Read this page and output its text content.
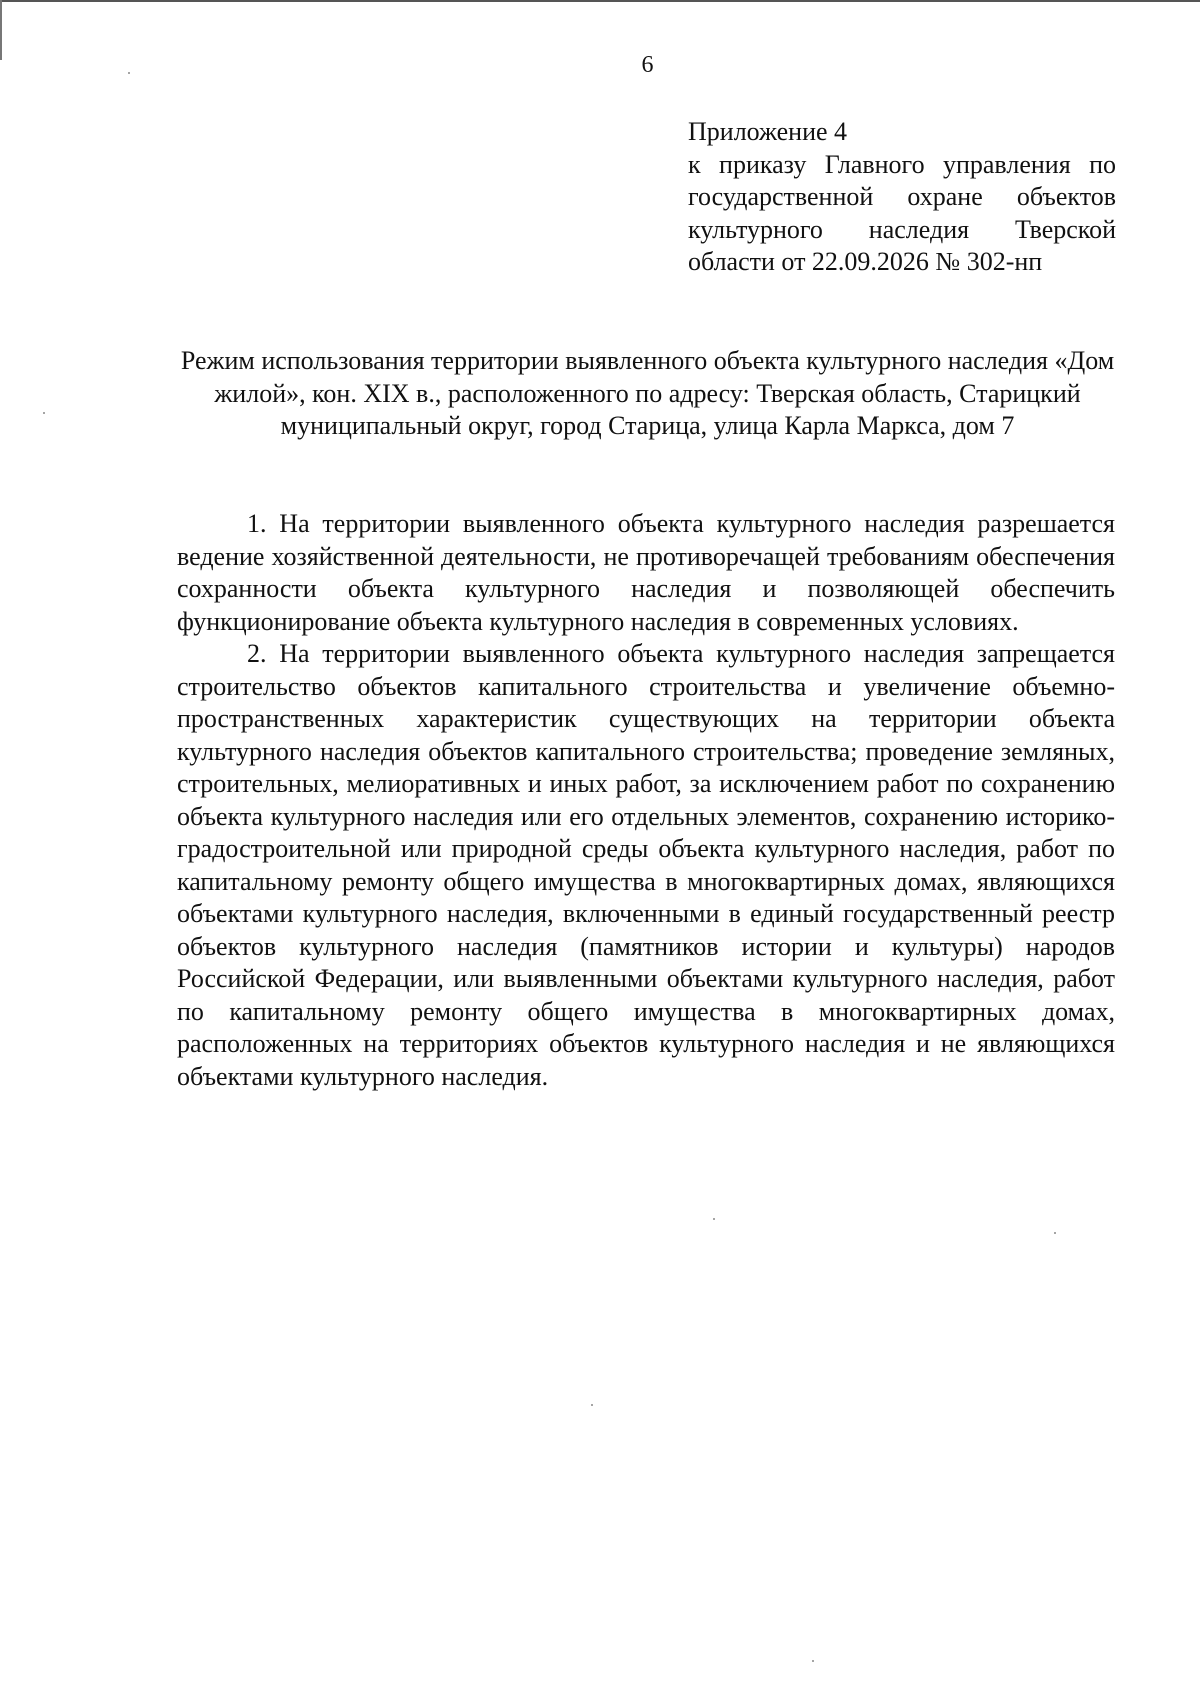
6
Приложение 4
к приказу Главного управления по
государственной охране объектов
культурного наследия Тверской
области от 22.09.2026 № 302-нп
Режим использования территории выявленного объекта культурного наследия «Дом жилой», кон. XIX в., расположенного по адресу: Тверская область, Старицкий муниципальный округ, город Старица, улица Карла Маркса, дом 7

1. На территории выявленного объекта культурного наследия разрешается ведение хозяйственной деятельности, не противоречащей требованиям обеспечения сохранности объекта культурного наследия и позволяющей обеспечить функционирование объекта культурного наследия в современных условиях.

2. На территории выявленного объекта культурного наследия запрещается строительство объектов капитального строительства и увеличение объемно-пространственных характеристик существующих на территории объекта культурного наследия объектов капитального строительства; проведение земляных, строительных, мелиоративных и иных работ, за исключением работ по сохранению объекта культурного наследия или его отдельных элементов, сохранению историко-градостроительной или природной среды объекта культурного наследия, работ по капитальному ремонту общего имущества в многоквартирных домах, являющихся объектами культурного наследия, включенными в единый государственный реестр объектов культурного наследия (памятников истории и культуры) народов Российской Федерации, или выявленными объектами культурного наследия, работ по капитальному ремонту общего имущества в многоквартирных домах, расположенных на территориях объектов культурного наследия и не являющихся объектами культурного наследия.
